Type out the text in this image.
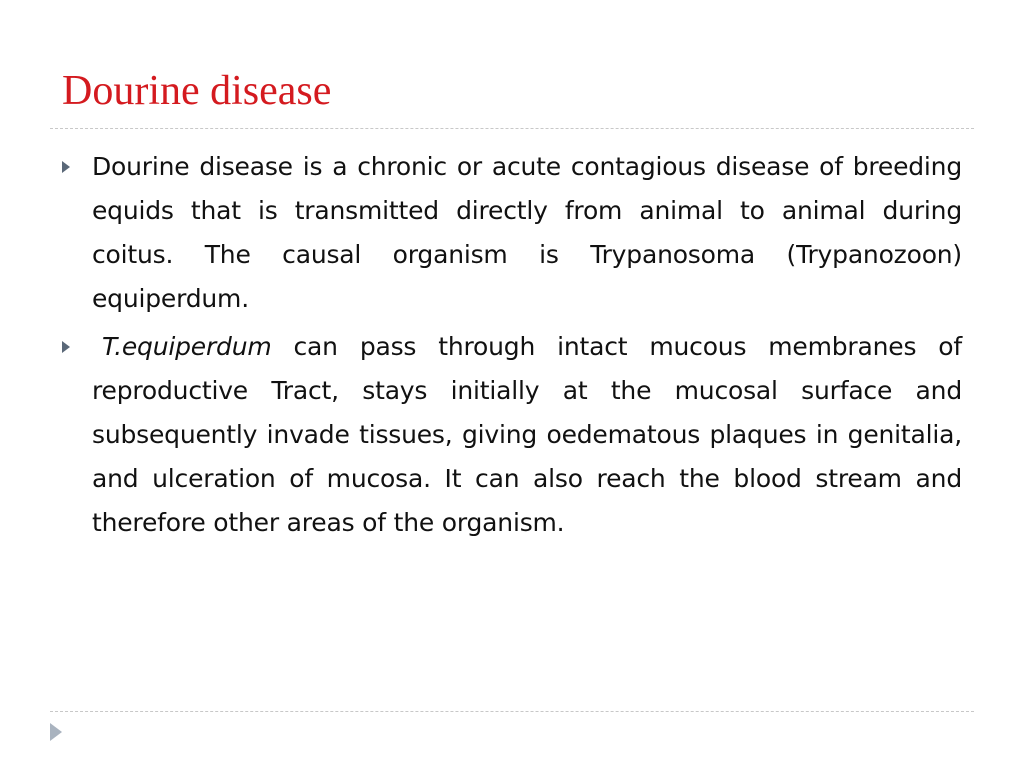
Dourine disease
Dourine disease is a chronic or acute contagious disease of breeding equids that is transmitted directly from animal to animal during coitus. The causal organism is Trypanosoma (Trypanozoon) equiperdum.
T.equiperdum can pass through intact mucous membranes of reproductive Tract, stays initially at the mucosal surface and subsequently invade tissues, giving oedematous plaques in genitalia, and ulceration of mucosa. It can also reach the blood stream and therefore other areas of the organism.
